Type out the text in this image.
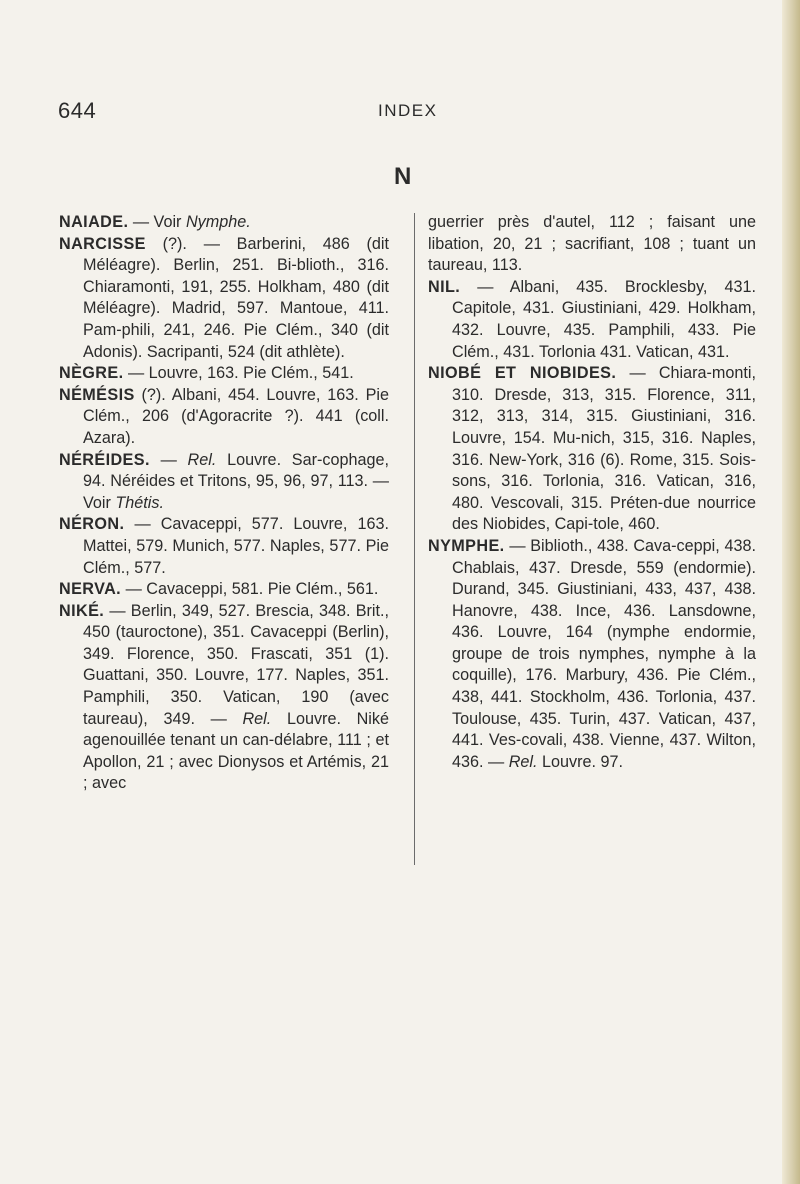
644	INDEX
N

NAIADE. — Voir Nymphe.

NARCISSE (?). — Barberini, 486 (dit Méléagre). Berlin, 251. Bi-blioth., 316. Chiaramonti, 191, 255. Holkham, 480 (dit Méléagre). Madrid, 597. Mantoue, 411. Pam-phili, 241, 246. Pie Clém., 340 (dit Adonis). Sacripanti, 524 (dit athlète).

NÈGRE. — Louvre, 163. Pie Clém., 541.

NÉMÉSIS (?). Albani, 454. Louvre, 163. Pie Clém., 206 (d'Agoracrite ?). 441 (coll. Azara).

NÉRÉIDES. — Rel. Louvre. Sar-cophage, 94. Néréides et Tritons, 95, 96, 97, 113. — Voir Thétis.

NÉRON. — Cavaceppi, 577. Louvre, 163. Mattei, 579. Munich, 577. Naples, 577. Pie Clém., 577.

NERVA. — Cavaceppi, 581. Pie Clém., 561.

NIKÉ. — Berlin, 349, 527. Brescia, 348. Brit., 450 (tauroctone), 351. Cavaceppi (Berlin), 349. Florence, 350. Frascati, 351 (1). Guattani, 350. Louvre, 177. Naples, 351. Pamphili, 350. Vatican, 190 (avec taureau), 349. — Rel. Louvre. Niké agenouillée tenant un can-délabre, 111 ; et Apollon, 21 ; avec Dionysos et Artémis, 21 ; avec

guerrier près d'autel, 112 ; faisant une libation, 20, 21 ; sacrifiant, 108 ; tuant un taureau, 113.

NIL. — Albani, 435. Brocklesby, 431. Capitole, 431. Giustiniani, 429. Holkham, 432. Louvre, 435. Pamphili, 433. Pie Clém., 431. Torlonia 431. Vatican, 431.

NIOBÉ ET NIOBIDES. — Chiara-monti, 310. Dresde, 313, 315. Florence, 311, 312, 313, 314, 315. Giustiniani, 316. Louvre, 154. Mu-nich, 315, 316. Naples, 316. New-York, 316 (6). Rome, 315. Sois-sons, 316. Torlonia, 316. Vatican, 316, 480. Vescovali, 315. Préten-due nourrice des Niobides, Capi-tole, 460.

NYMPHE. — Biblioth., 438. Cava-ceppi, 438. Chablais, 437. Dresde, 559 (endormie). Durand, 345. Giustiniani, 433, 437, 438. Hanovre, 438. Ince, 436. Lansdowne, 436. Louvre, 164 (nymphe endormie, groupe de trois nymphes, nymphe à la coquille), 176. Marbury, 436. Pie Clém., 438, 441. Stockholm, 436. Torlonia, 437. Toulouse, 435. Turin, 437. Vatican, 437, 441. Ves-covali, 438. Vienne, 437. Wilton, 436. — Rel. Louvre. 97.
